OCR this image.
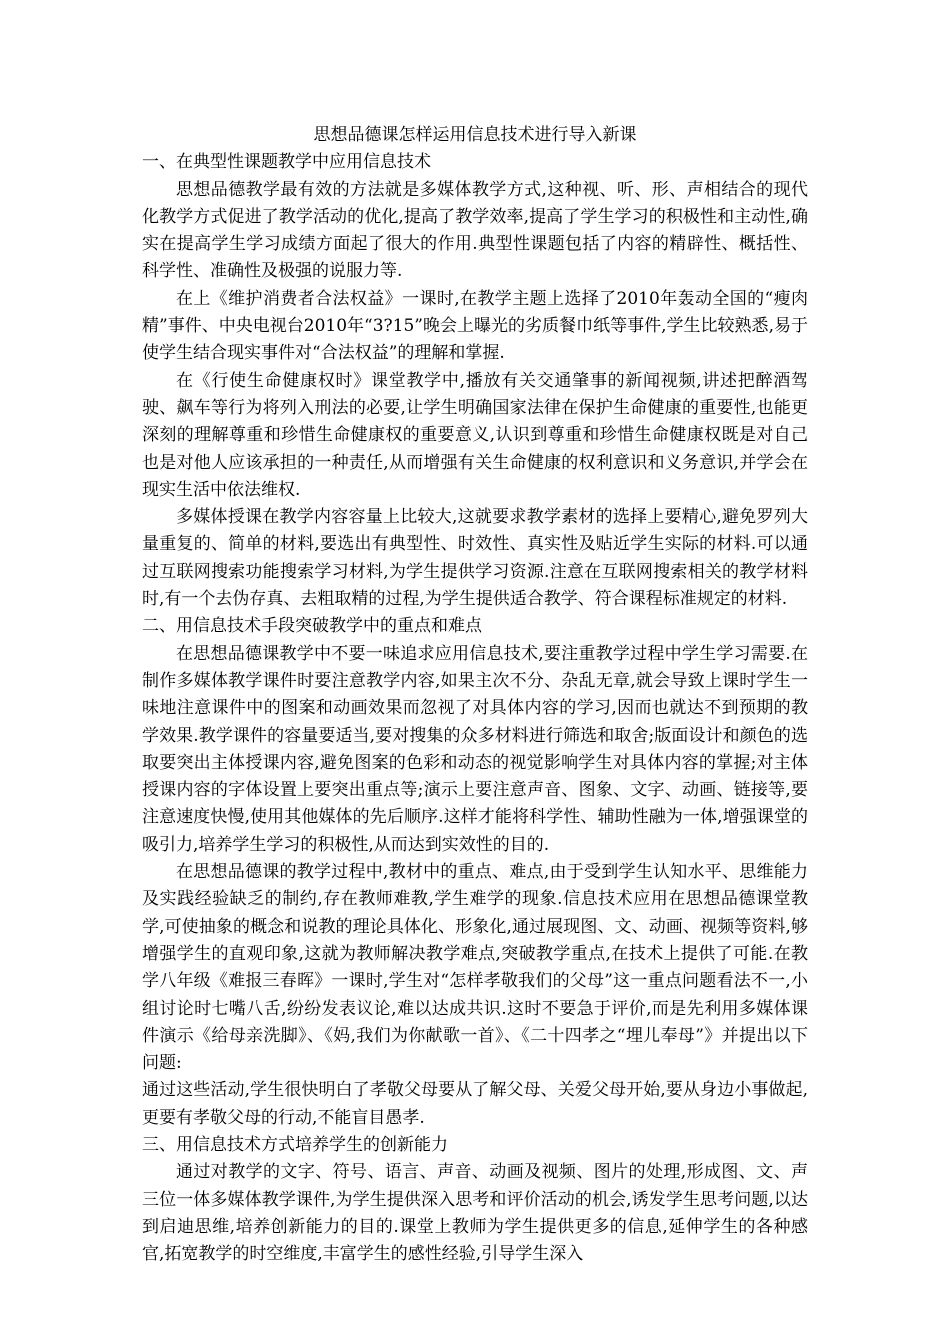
思想品德课怎样运用信息技术进行导入新课

一、在典型性课题教学中应用信息技术

思想品德教学最有效的方法就是多媒体教学方式,这种视、听、形、声相结合的现代化教学方式促进了教学活动的优化,提高了教学效率,提高了学生学习的积极性和主动性,确实在提高学生学习成绩方面起了很大的作用.典型性课题包括了内容的精辟性、概括性、科学性、准确性及极强的说服力等.

在上《维护消费者合法权益》一课时,在教学主题上选择了2010年轰动全国的“瘦肉精”事件、中央电视台2010年“3?15”晚会上曝光的劣质餐巾纸等事件,学生比较熟悉,易于使学生结合现实事件对“合法权益”的理解和掌握.

在《行使生命健康权时》课堂教学中,播放有关交通肇事的新闻视频,讲述把醉酒驾驶、飙车等行为将列入刑法的必要,让学生明确国家法律在保护生命健康的重要性,也能更深刻的理解尊重和珍惜生命健康权的重要意义,认识到尊重和珍惜生命健康权既是对自己也是对他人应该承担的一种责任,从而增强有关生命健康的权利意识和义务意识,并学会在现实生活中依法维权.

多媒体授课在教学内容容量上比较大,这就要求教学素材的选择上要精心,避免罗列大量重复的、简单的材料,要选出有典型性、时效性、真实性及贴近学生实际的材料.可以通过互联网搜索功能搜索学习材料,为学生提供学习资源.注意在互联网搜索相关的教学材料时,有一个去伪存真、去粗取精的过程,为学生提供适合教学、符合课程标准规定的材料.

二、用信息技术手段突破教学中的重点和难点

在思想品德课教学中不要一味追求应用信息技术,要注重教学过程中学生学习需要.在制作多媒体教学课件时要注意教学内容,如果主次不分、杂乱无章,就会导致上课时学生一味地注意课件中的图案和动画效果而忽视了对具体内容的学习,因而也就达不到预期的教学效果.教学课件的容量要适当,要对搜集的众多材料进行筛选和取舍;版面设计和颜色的选取要突出主体授课内容,避免图案的色彩和动态的视觉影响学生对具体内容的掌握;对主体授课内容的字体设置上要突出重点等;演示上要注意声音、图象、文字、动画、链接等,要注意速度快慢,使用其他媒体的先后顺序.这样才能将科学性、辅助性融为一体,增强课堂的吸引力,培养学生学习的积极性,从而达到实效性的目的.

在思想品德课的教学过程中,教材中的重点、难点,由于受到学生认知水平、思维能力及实践经验缺乏的制约,存在教师难教,学生难学的现象.信息技术应用在思想品德课堂教学,可使抽象的概念和说教的理论具体化、形象化,通过展现图、文、动画、视频等资料,够增强学生的直观印象,这就为教师解决教学难点,突破教学重点,在技术上提供了可能.在教学八年级《难报三春晖》一课时,学生对“怎样孝敬我们的父母”这一重点问题看法不一,小组讨论时七嘴八舌,纷纷发表议论,难以达成共识.这时不要急于评价,而是先利用多媒体课件演示《给母亲洗脚》、《妈,我们为你献歌一首》、《二十四孝之“埋儿奉母”》并提出以下问题:

通过这些活动,学生很快明白了孝敬父母要从了解父母、关爱父母开始,要从身边小事做起,更要有孝敬父母的行动,不能盲目愚孝.

三、用信息技术方式培养学生的创新能力

通过对教学的文字、符号、语言、声音、动画及视频、图片的处理,形成图、文、声三位一体多媒体教学课件,为学生提供深入思考和评价活动的机会,诱发学生思考问题,以达到启迪思维,培养创新能力的目的.课堂上教师为学生提供更多的信息,延伸学生的各种感官,拓宽教学的时空维度,丰富学生的感性经验,引导学生深入
